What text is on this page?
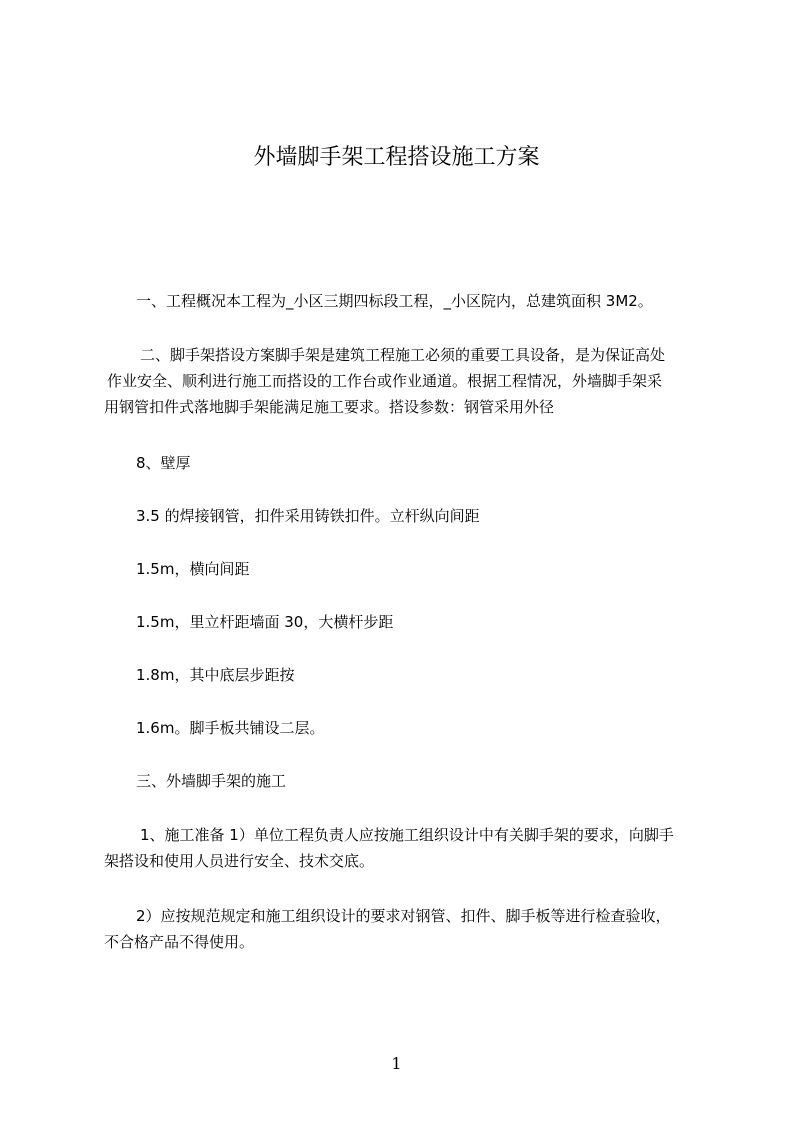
外墙脚手架工程搭设施工方案
一、工程概况本工程为_小区三期四标段工程，_小区院内，总建筑面积 3M2。
二、脚手架搭设方案脚手架是建筑工程施工必须的重要工具设备，是为保证高处
作业安全、顺利进行施工而搭设的工作台或作业通道。根据工程情况，外墙脚手架采
用钢管扣件式落地脚手架能满足施工要求。搭设参数：钢管采用外径
8、壁厚
3.5 的焊接钢管，扣件采用铸铁扣件。立杆纵向间距
1.5m，横向间距
1.5m，里立杆距墙面 30，大横杆步距
1.8m，其中底层步距按
1.6m。脚手板共铺设二层。
三、外墙脚手架的施工
1、施工准备 1）单位工程负责人应按施工组织设计中有关脚手架的要求，向脚手
架搭设和使用人员进行安全、技术交底。
2）应按规范规定和施工组织设计的要求对钢管、扣件、脚手板等进行检查验收，
不合格产品不得使用。
1
